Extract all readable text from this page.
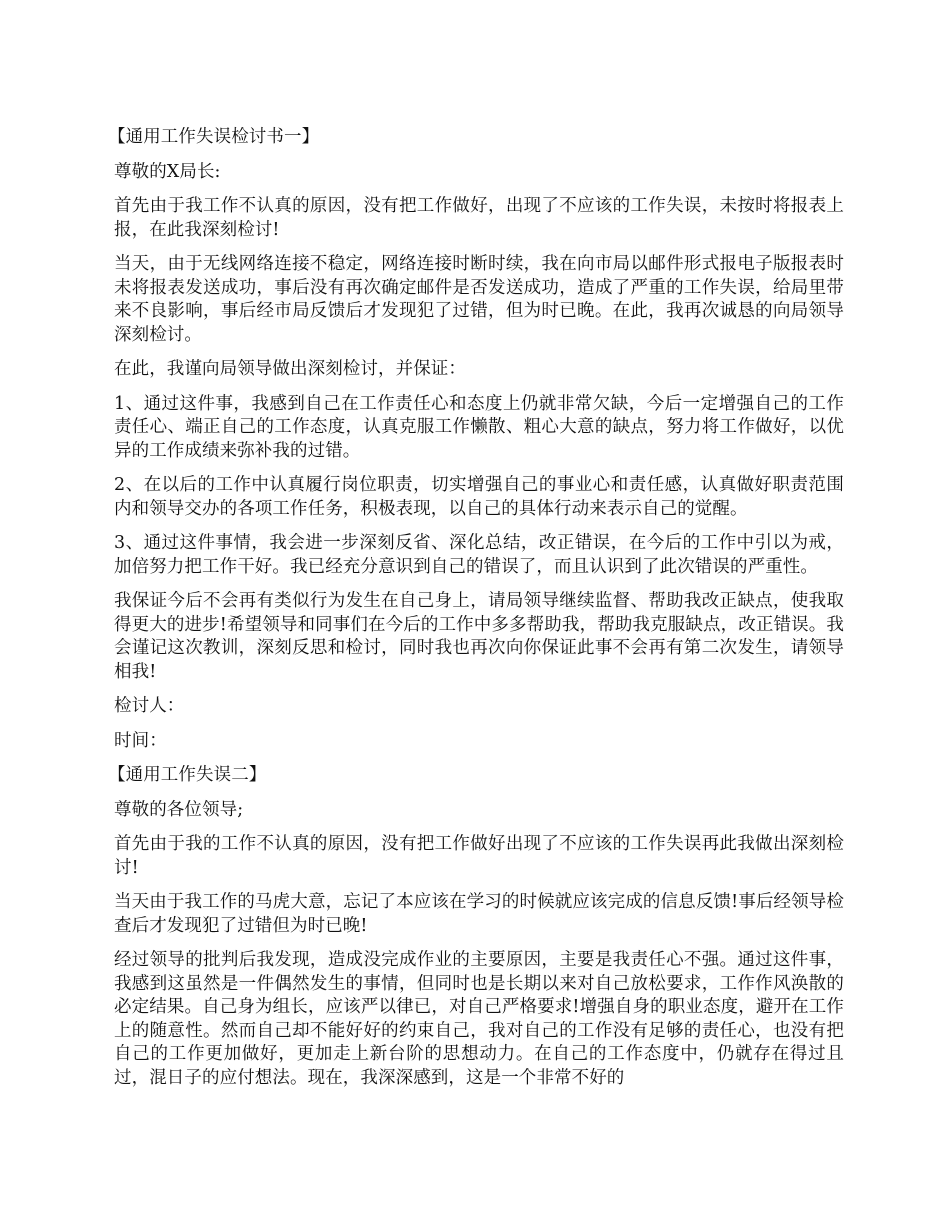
【通用工作失误检讨书一】

尊敬的X局长:

首先由于我工作不认真的原因，没有把工作做好，出现了不应该的工作失误，未按时将报表上报，在此我深刻检讨!

当天，由于无线网络连接不稳定，网络连接时断时续，我在向市局以邮件形式报电子版报表时未将报表发送成功，事后没有再次确定邮件是否发送成功，造成了严重的工作失误，给局里带来不良影响，事后经市局反馈后才发现犯了过错，但为时已晚。在此，我再次诚恳的向局领导深刻检讨。

在此，我谨向局领导做出深刻检讨，并保证：

1、通过这件事，我感到自己在工作责任心和态度上仍就非常欠缺，今后一定增强自己的工作责任心、端正自己的工作态度，认真克服工作懒散、粗心大意的缺点，努力将工作做好，以优异的工作成绩来弥补我的过错。

2、在以后的工作中认真履行岗位职责，切实增强自己的事业心和责任感，认真做好职责范围内和领导交办的各项工作任务，积极表现，以自己的具体行动来表示自己的觉醒。

3、通过这件事情，我会进一步深刻反省、深化总结，改正错误，在今后的工作中引以为戒，加倍努力把工作干好。我已经充分意识到自己的错误了，而且认识到了此次错误的严重性。

我保证今后不会再有类似行为发生在自己身上，请局领导继续监督、帮助我改正缺点，使我取得更大的进步!希望领导和同事们在今后的工作中多多帮助我，帮助我克服缺点，改正错误。我会谨记这次教训，深刻反思和检讨，同时我也再次向你保证此事不会再有第二次发生，请领导相我!

检讨人：

时间：

【通用工作失误二】

尊敬的各位领导;

首先由于我的工作不认真的原因，没有把工作做好出现了不应该的工作失误再此我做出深刻检讨!

当天由于我工作的马虎大意，忘记了本应该在学习的时候就应该完成的信息反馈!事后经领导检查后才发现犯了过错但为时已晚!

经过领导的批判后我发现，造成没完成作业的主要原因，主要是我责任心不强。通过这件事，我感到这虽然是一件偶然发生的事情，但同时也是长期以来对自己放松要求，工作作风涣散的必定结果。自己身为组长，应该严以律已，对自己严格要求!增强自身的职业态度，避开在工作上的随意性。然而自己却不能好好的约束自己，我对自己的工作没有足够的责任心，也没有把自己的工作更加做好，更加走上新台阶的思想动力。在自己的工作态度中，仍就存在得过且过，混日子的应付想法。现在，我深深感到，这是一个非常不好的
